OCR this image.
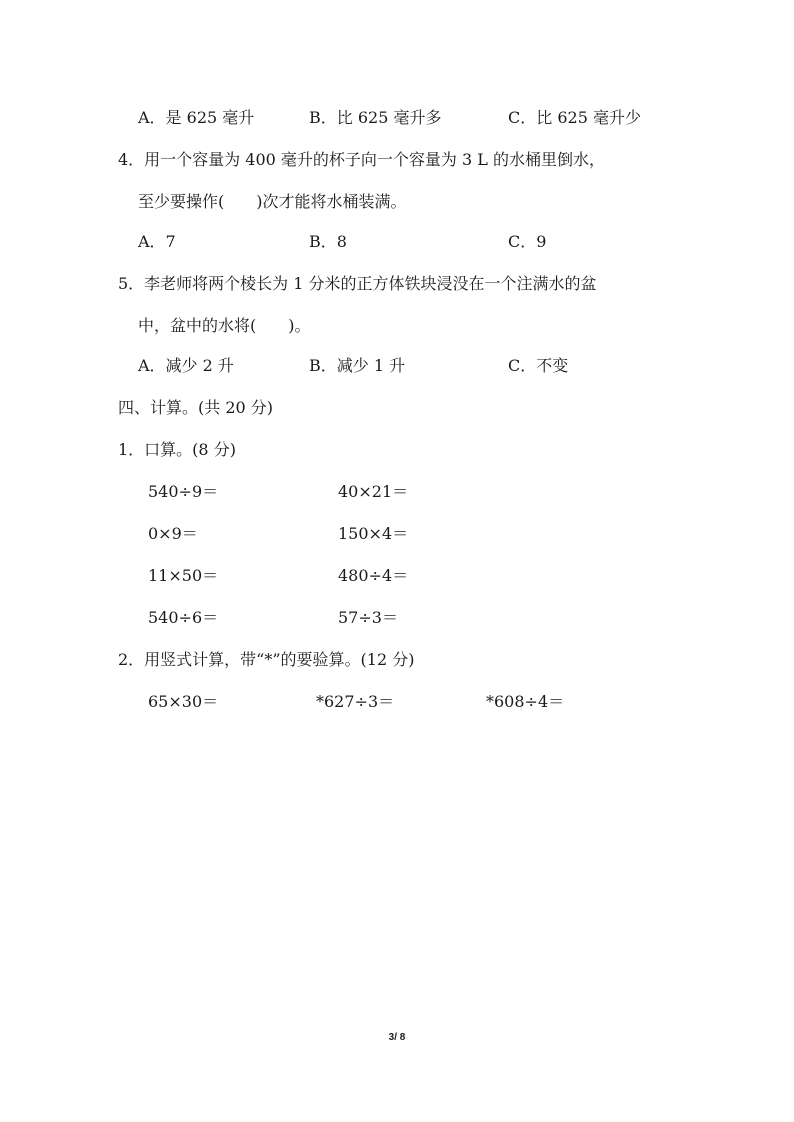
A．是 625 毫升	B．比 625 毫升多	C．比 625 毫升少
4．用一个容量为 400 毫升的杯子向一个容量为 3 L 的水桶里倒水，
至少要操作(　　)次才能将水桶装满。
A．7	B．8	C．9
5．李老师将两个棱长为 1 分米的正方体铁块浸没在一个注满水的盆
中，盆中的水将(　　)。
A．减少 2 升	B．减少 1 升	C．不变
四、计算。(共 20 分)
1．口算。(8 分)
540÷9＝	40×21＝
0×9＝	150×4＝
11×50＝	480÷4＝
540÷6＝	57÷3＝
2．用竖式计算，带“*”的要验算。(12 分)
65×30＝	*627÷3＝	*608÷4＝
3/ 8
